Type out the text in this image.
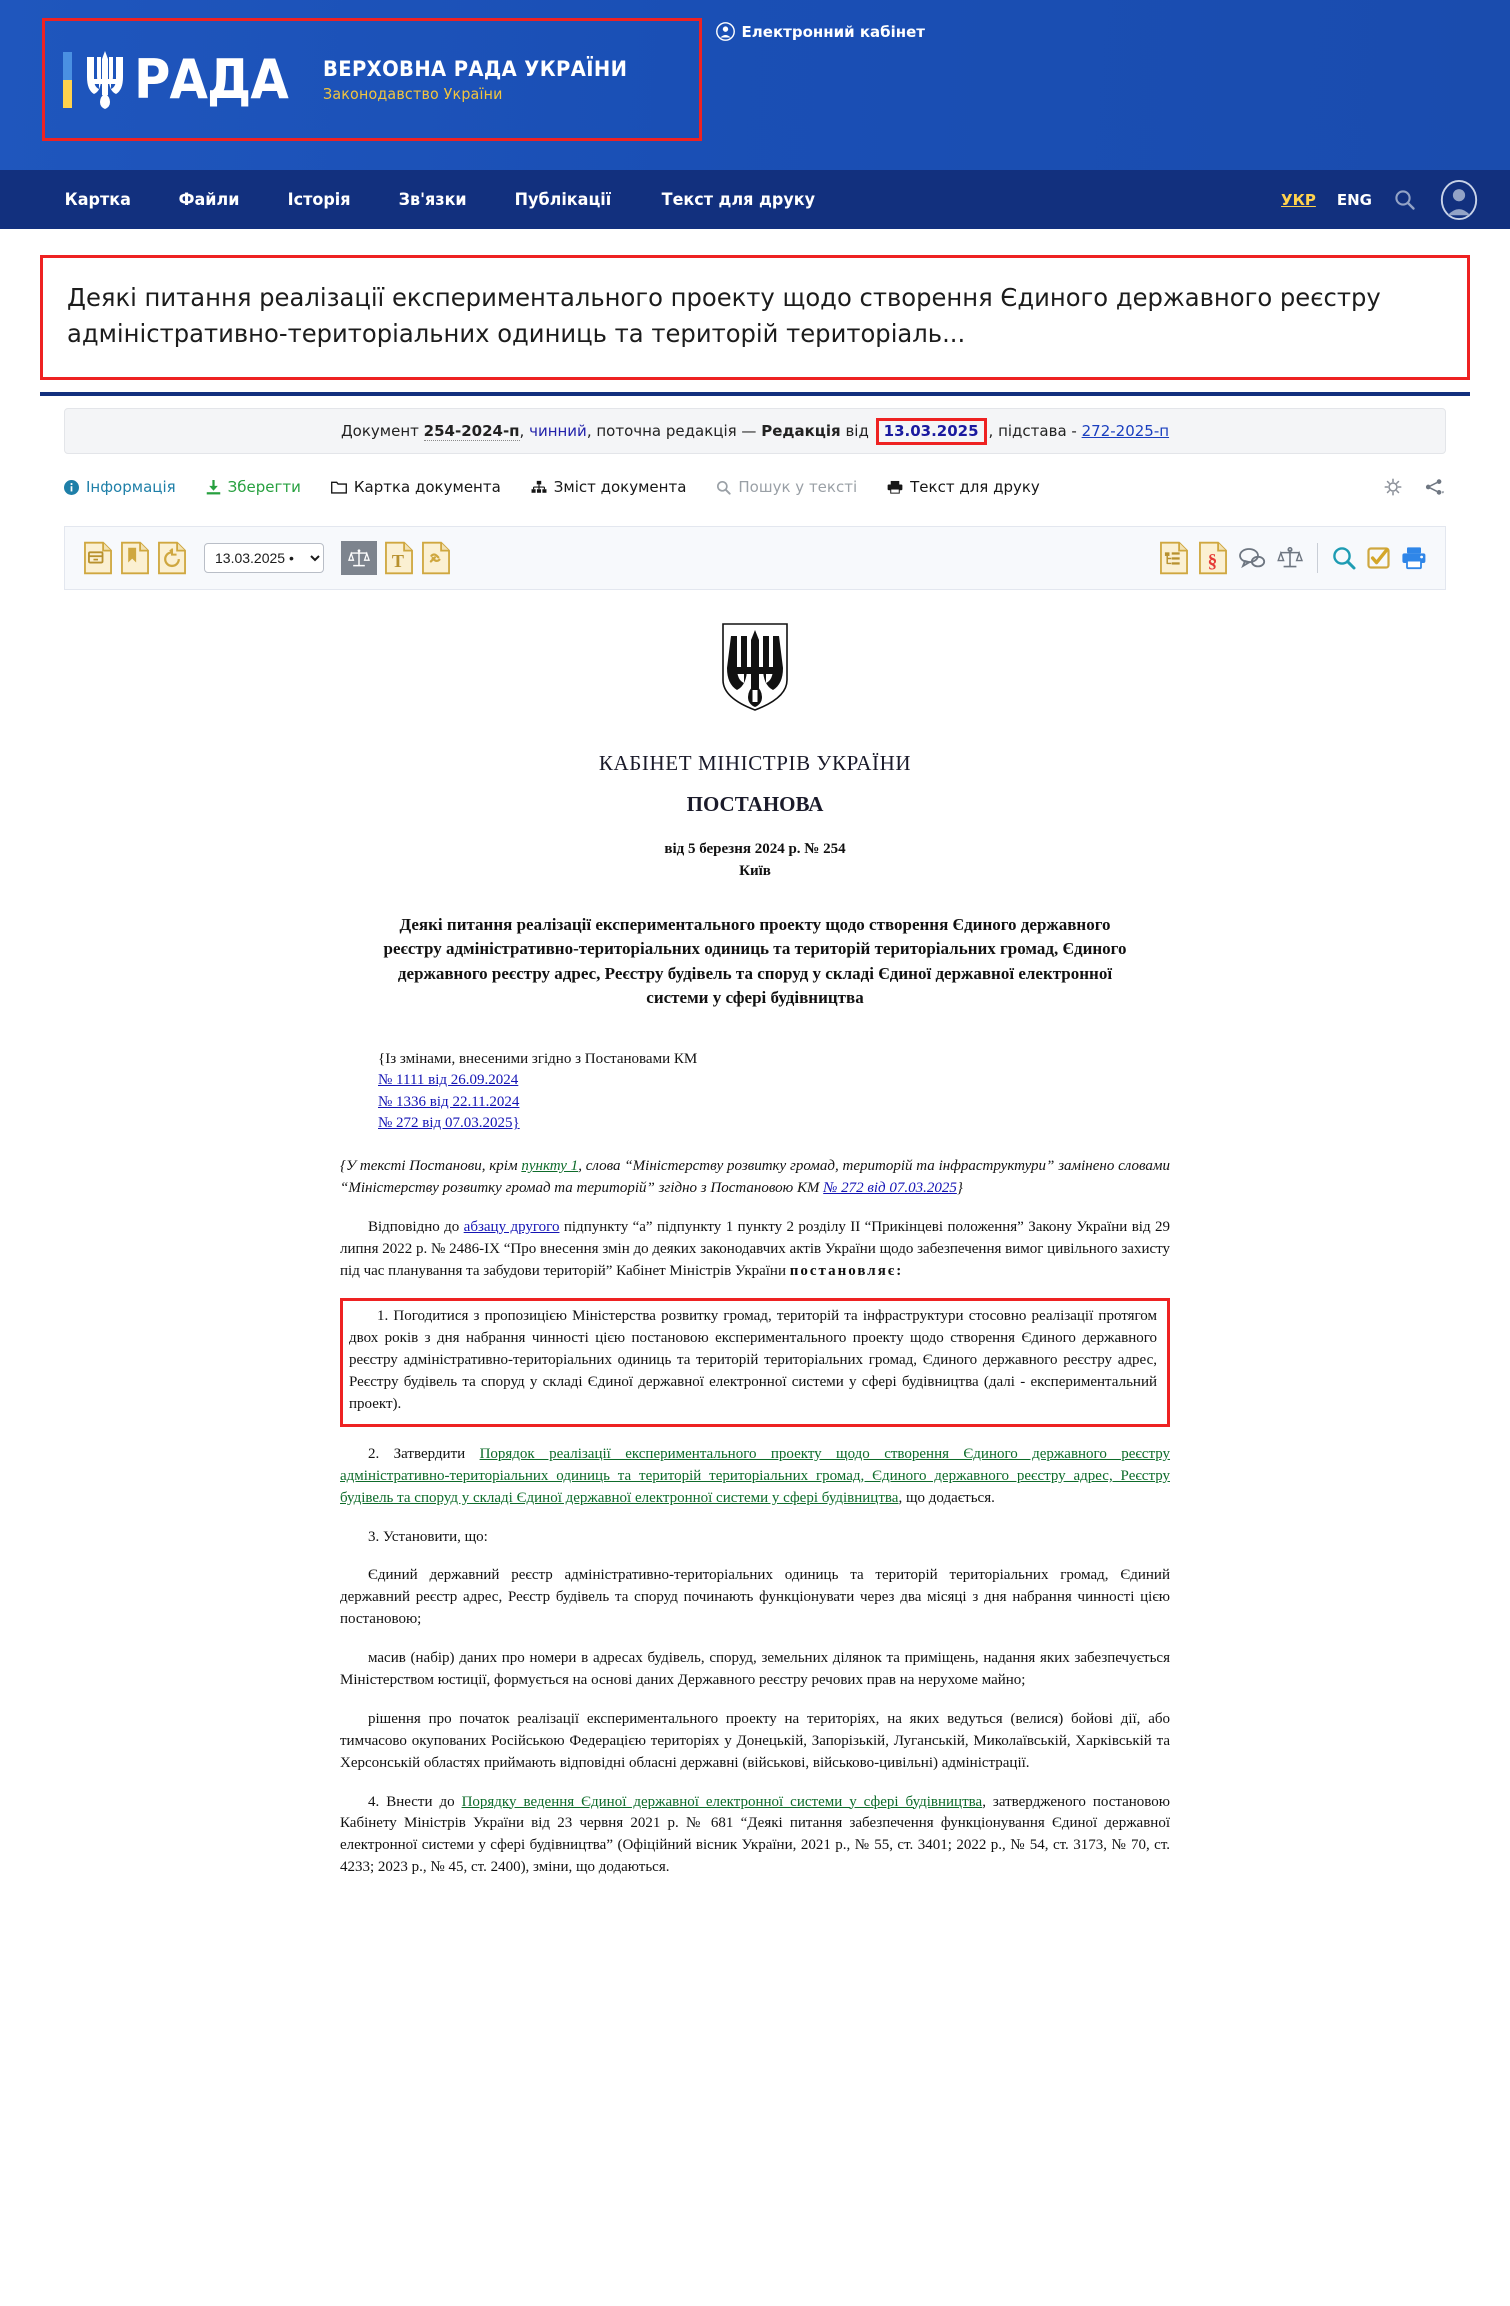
РАДА ВЕРХОВНА РАДА УКРАЇНИ
Законодавство України
Електронний кабінет
Картка	Файли	Історія	Зв'язки	Публікації	Текст для друку	УКР ENG
Деякі питання реалізації експериментального проекту щодо створення Єдиного державного реєстру адміністративно-територіальних одиниць та територій територіаль...
Документ
254-2024-п , чинний , поточна редакція —
Редакція
від
13.03.2025 , підстава -
272-2025-п
Інформація	Зберегти	Картка документа	Зміст документа	Пошук у тексті	Текст для друку
13.03.2025 •
T	§
КАБІНЕТ МІНІСТРІВ УКРАЇНИ
ПОСТАНОВА
від 5 березня 2024 р. № 254
Київ
Деякі питання реалізації експериментального проекту щодо створення Єдиного державного реєстру адміністративно-територіальних одиниць та територій територіальних громад, Єдиного державного реєстру адрес, Реєстру будівель та споруд у складі Єдиної державної електронної системи у сфері будівництва
{Із змінами, внесеними згідно з Постановами КМ
№ 1111 від 26.09.2024
№ 1336 від 22.11.2024
№ 272 від 07.03.2025}
{У тексті Постанови, крім пункту 1, слова “Міністерству розвитку громад, територій та інфраструктури” замінено словами “Міністерству розвитку громад та територій” згідно з Постановою КМ № 272 від 07.03.2025}

Відповідно до абзацу другого підпункту “а” підпункту 1 пункту 2 розділу II “Прикінцеві положення” Закону України від 29 липня 2022 р. № 2486-IX “Про внесення змін до деяких законодавчих актів України щодо забезпечення вимог цивільного захисту під час планування та забудови територій” Кабінет Міністрів України постановляє:

1. Погодитися з пропозицією Міністерства розвитку громад, територій та інфраструктури стосовно реалізації протягом двох років з дня набрання чинності цією постановою експериментального проекту щодо створення Єдиного державного реєстру адміністративно-територіальних одиниць та територій територіальних громад, Єдиного державного реєстру адрес, Реєстру будівель та споруд у складі Єдиної державної електронної системи у сфері будівництва (далі - експериментальний проект).

2. Затвердити Порядок реалізації експериментального проекту щодо створення Єдиного державного реєстру адміністративно-територіальних одиниць та територій територіальних громад, Єдиного державного реєстру адрес, Реєстру будівель та споруд у складі Єдиної державної електронної системи у сфері будівництва, що додається.

3. Установити, що:

Єдиний державний реєстр адміністративно-територіальних одиниць та територій територіальних громад, Єдиний державний реєстр адрес, Реєстр будівель та споруд починають функціонувати через два місяці з дня набрання чинності цією постановою;

масив (набір) даних про номери в адресах будівель, споруд, земельних ділянок та приміщень, надання яких забезпечується Міністерством юстиції, формується на основі даних Державного реєстру речових прав на нерухоме майно;

рішення про початок реалізації експериментального проекту на територіях, на яких ведуться (велися) бойові дії, або тимчасово окупованих Російською Федерацією територіях у Донецькій, Запорізькій, Луганській, Миколаївській, Харківській та Херсонській областях приймають відповідні обласні державні (військові, військово-цивільні) адміністрації.

4. Внести до Порядку ведення Єдиної державної електронної системи у сфері будівництва, затвердженого постановою Кабінету Міністрів України від 23 червня 2021 р. № 681 “Деякі питання забезпечення функціонування Єдиної державної електронної системи у сфері будівництва” (Офіційний вісник України, 2021 р., № 55, ст. 3401; 2022 р., № 54, ст. 3173, № 70, ст. 4233; 2023 р., № 45, ст. 2400), зміни, що додаються.
